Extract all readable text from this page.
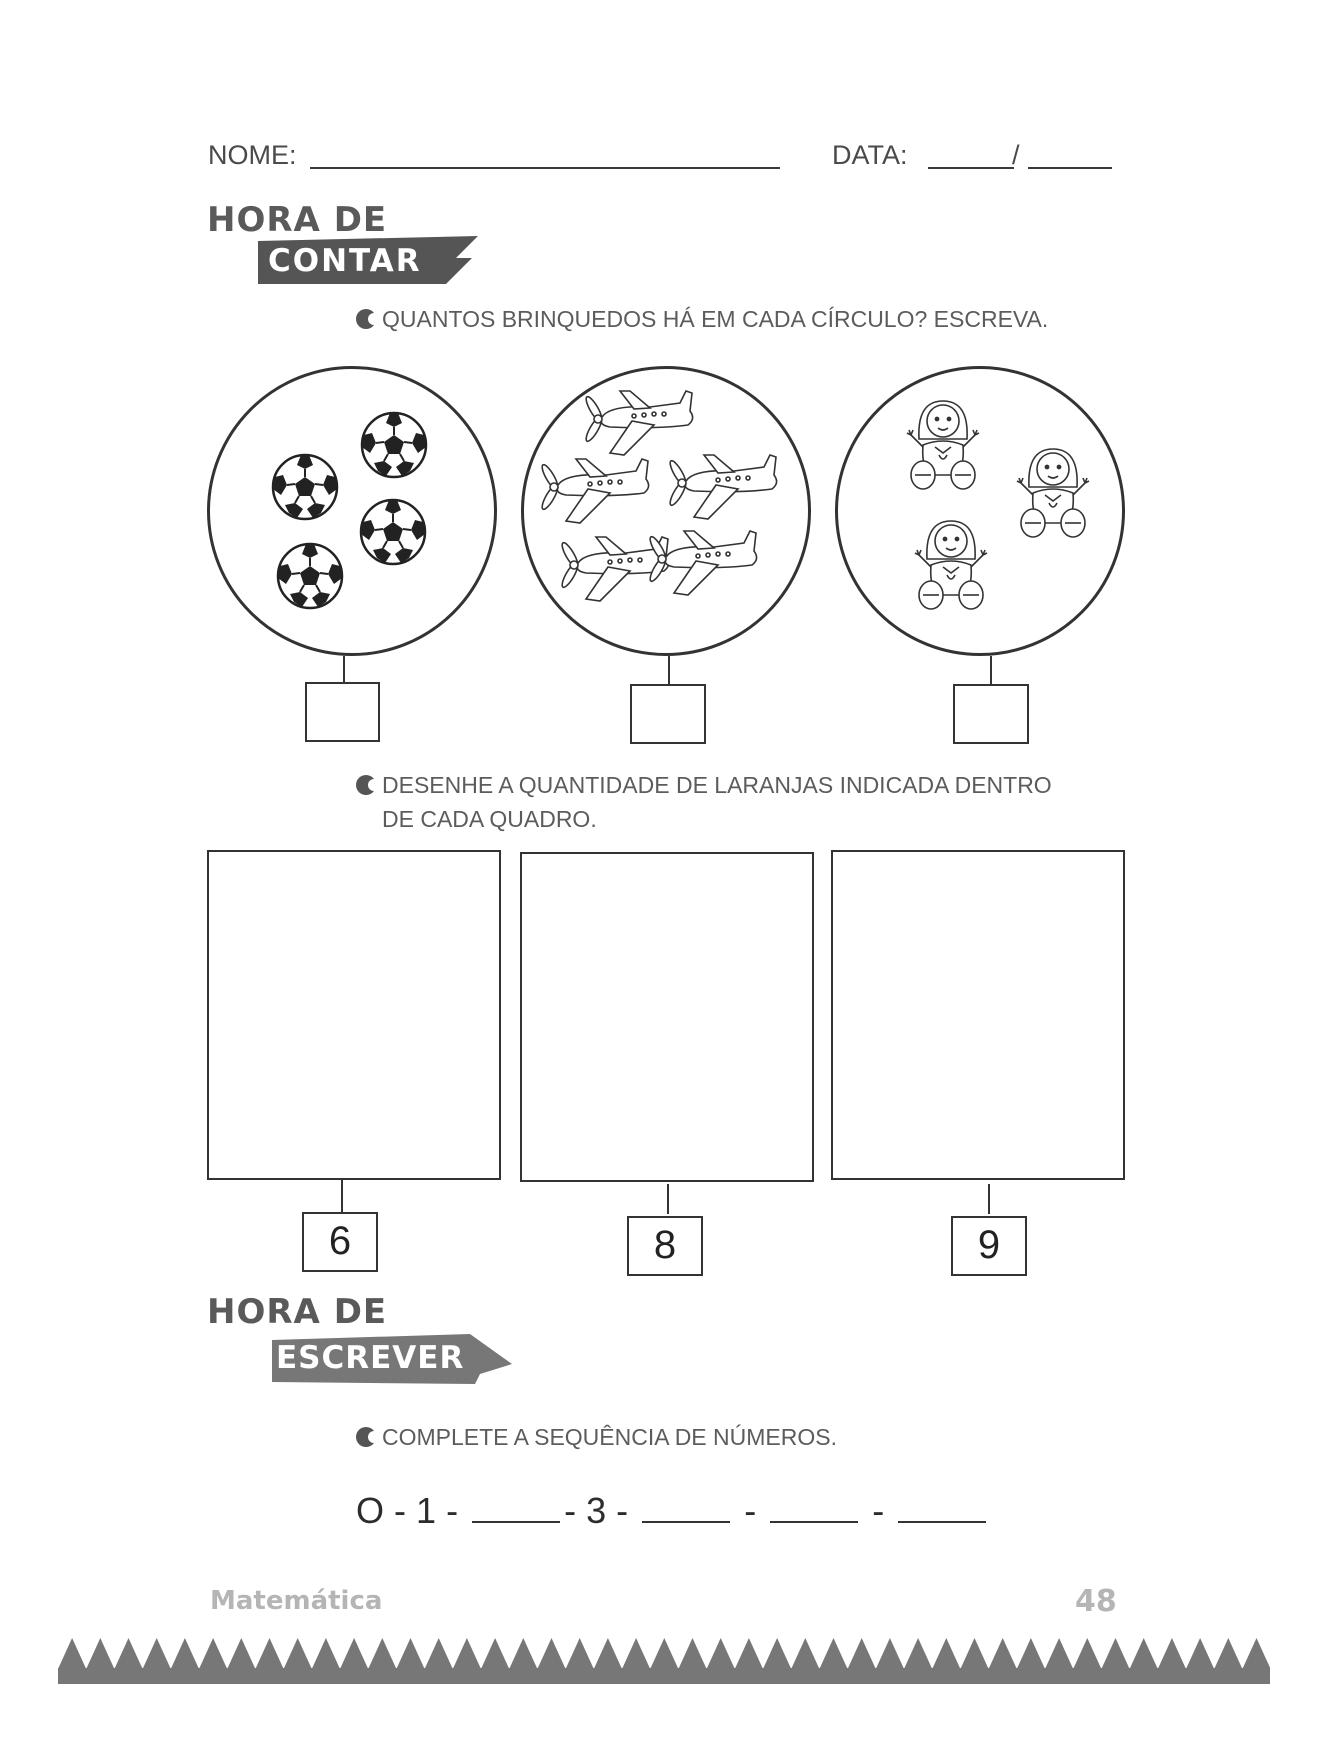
NOME:	DATA:	/
HORA DE
CONTAR
QUANTOS BRINQUEDOS HÁ EM CADA CÍRCULO? ESCREVA.
DESENHE A QUANTIDADE DE LARANJAS INDICADA DENTRO
DE CADA QUADRO.
6	8	9
HORA DE
ESCREVER
COMPLETE A SEQUÊNCIA DE NÚMEROS.
O - 1 -	- 3 -	-	-
Matemática	48
